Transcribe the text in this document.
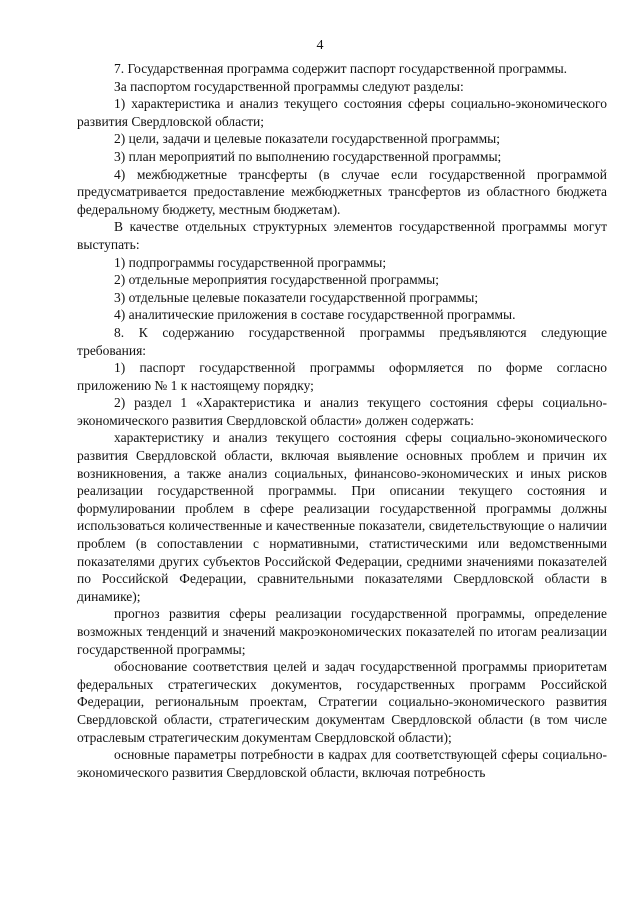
4

7. Государственная программа содержит паспорт государственной программы.

За паспортом государственной программы следуют разделы:

1) характеристика и анализ текущего состояния сферы социально-экономического развития Свердловской области;

2) цели, задачи и целевые показатели государственной программы;

3) план мероприятий по выполнению государственной программы;

4) межбюджетные трансферты (в случае если государственной программой предусматривается предоставление межбюджетных трансфертов из областного бюджета федеральному бюджету, местным бюджетам).

В качестве отдельных структурных элементов государственной программы могут выступать:

1) подпрограммы государственной программы;

2) отдельные мероприятия государственной программы;

3) отдельные целевые показатели государственной программы;

4) аналитические приложения в составе государственной программы.

8. К содержанию государственной программы предъявляются следующие требования:

1) паспорт государственной программы оформляется по форме согласно приложению № 1 к настоящему порядку;

2) раздел 1 «Характеристика и анализ текущего состояния сферы социально-экономического развития Свердловской области» должен содержать:

характеристику и анализ текущего состояния сферы социально-экономического развития Свердловской области, включая выявление основных проблем и причин их возникновения, а также анализ социальных, финансово-экономических и иных рисков реализации государственной программы. При описании текущего состояния и формулировании проблем в сфере реализации государственной программы должны использоваться количественные и качественные показатели, свидетельствующие о наличии проблем (в сопоставлении с нормативными, статистическими или ведомственными показателями других субъектов Российской Федерации, средними значениями показателей по Российской Федерации, сравнительными показателями Свердловской области в динамике);

прогноз развития сферы реализации государственной программы, определение возможных тенденций и значений макроэкономических показателей по итогам реализации государственной программы;

обоснование соответствия целей и задач государственной программы приоритетам федеральных стратегических документов, государственных программ Российской Федерации, региональным проектам, Стратегии социально-экономического развития Свердловской области, стратегическим документам Свердловской области (в том числе отраслевым стратегическим документам Свердловской области);

основные параметры потребности в кадрах для соответствующей сферы социально-экономического развития Свердловской области, включая потребность
